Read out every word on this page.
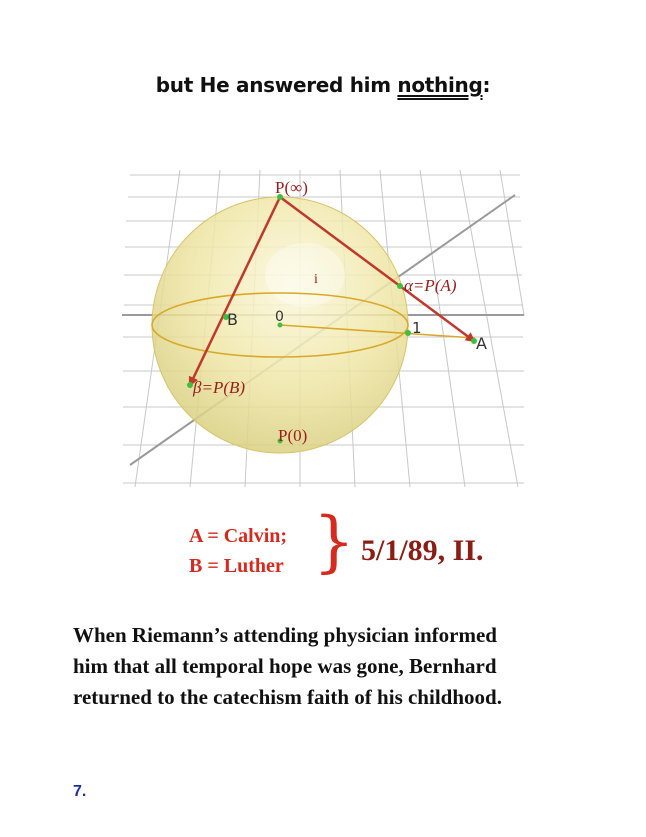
but He answered him nothing:
P(∞)
i	α=P(A)
β=P(B)
P(0)
B	0
1
A
A = Calvin;
B = Luther } 5/1/89, II.
When Riemann’s attending physician informed
him that all temporal hope was gone, Bernhard
returned to the catechism faith of his childhood.
7.
